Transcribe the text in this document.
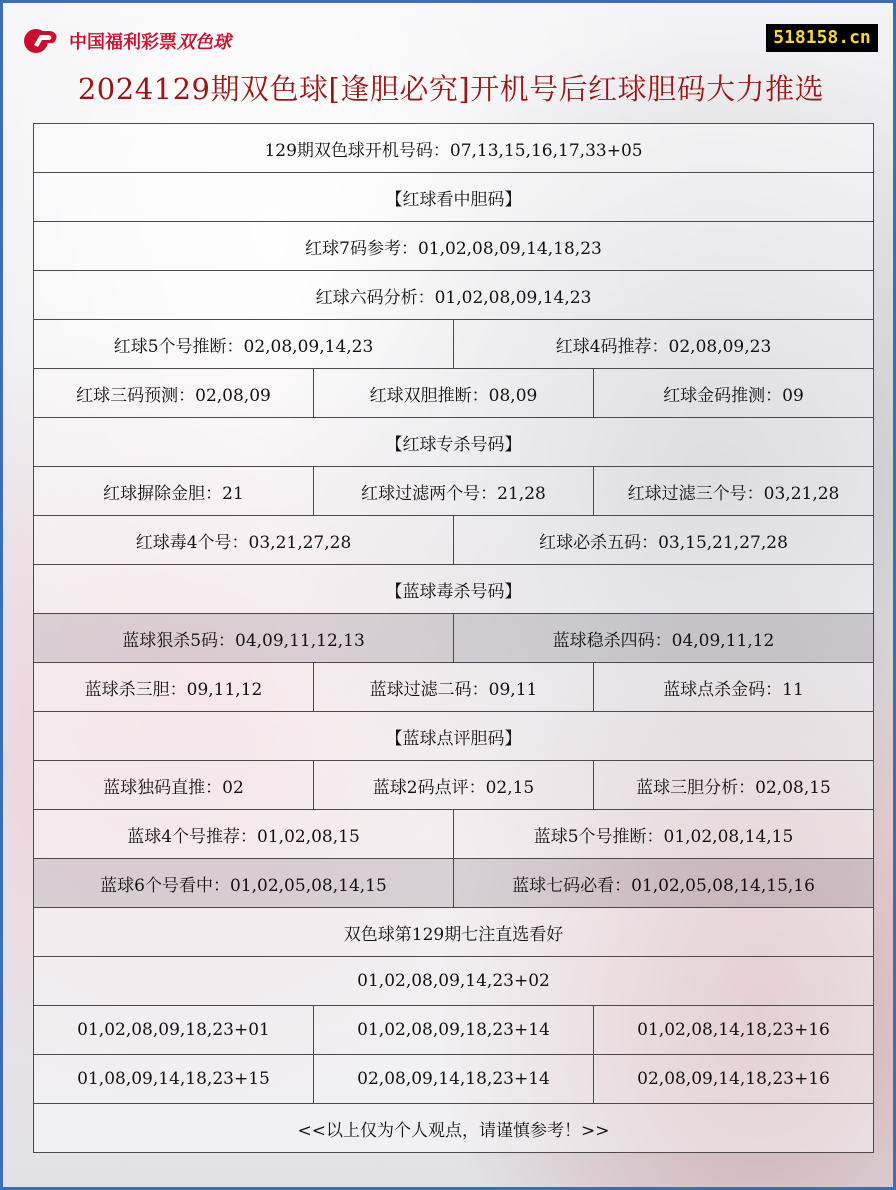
中国福利彩票双色球	518158.cn
2024129期双色球[逢胆必究]开机号后红球胆码大力推选
129期双色球开机号码：07,13,15,16,17,33+05			
【红球看中胆码】			
红球7码参考：01,02,08,09,14,18,23			
红球六码分析：01,02,08,09,14,23			
红球5个号推断：02,08,09,14,23		红球4码推荐：02,08,09,23	
红球三码预测：02,08,09	红球双胆推断：08,09		红球金码推测：09
【红球专杀号码】			
红球摒除金胆：21	红球过滤两个号：21,28		红球过滤三个号：03,21,28
红球毒4个号：03,21,27,28		红球必杀五码：03,15,21,27,28	
【蓝球毒杀号码】			
蓝球狠杀5码：04,09,11,12,13		蓝球稳杀四码：04,09,11,12	
蓝球杀三胆：09,11,12	蓝球过滤二码：09,11		蓝球点杀金码：11
【蓝球点评胆码】			
蓝球独码直推：02	蓝球2码点评：02,15		蓝球三胆分析：02,08,15
蓝球4个号推荐：01,02,08,15		蓝球5个号推断：01,02,08,14,15	
蓝球6个号看中：01,02,05,08,14,15		蓝球七码必看：01,02,05,08,14,15,16	
双色球第129期七注直选看好			
01,02,08,09,14,23+02			
01,02,08,09,18,23+01	01,02,08,09,18,23+14		01,02,08,14,18,23+16
01,08,09,14,18,23+15	02,08,09,14,18,23+14		02,08,09,14,18,23+16
<<以上仅为个人观点，请谨慎参考！>>			
